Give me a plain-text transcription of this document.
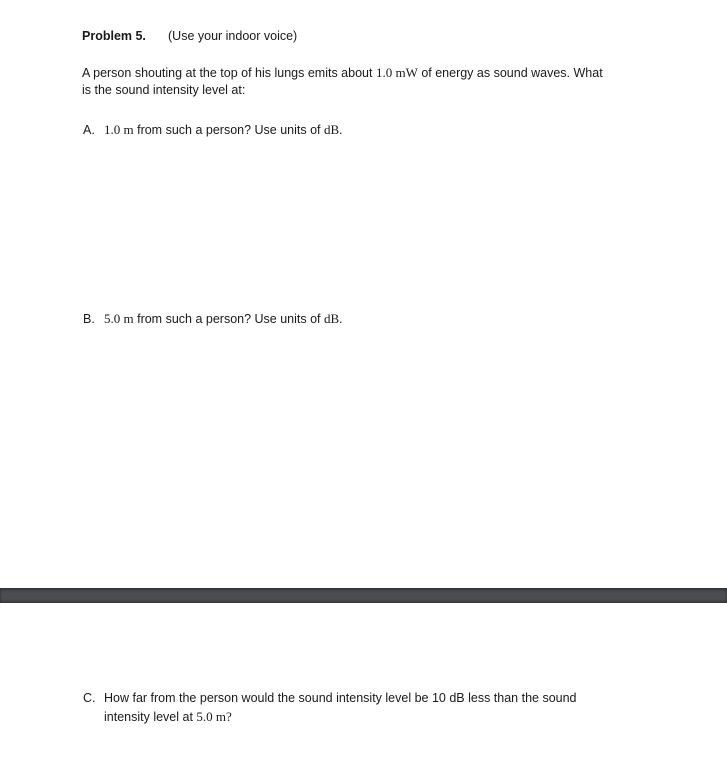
Problem 5. (Use your indoor voice)
A person shouting at the top of his lungs emits about 1.0 mW of energy as sound waves. What
is the sound intensity level at:
A. 1.0 m from such a person? Use units of dB.
B. 5.0 m from such a person? Use units of dB.
C. How far from the person would the sound intensity level be 10 dB less than the sound
intensity level at 5.0 m?
